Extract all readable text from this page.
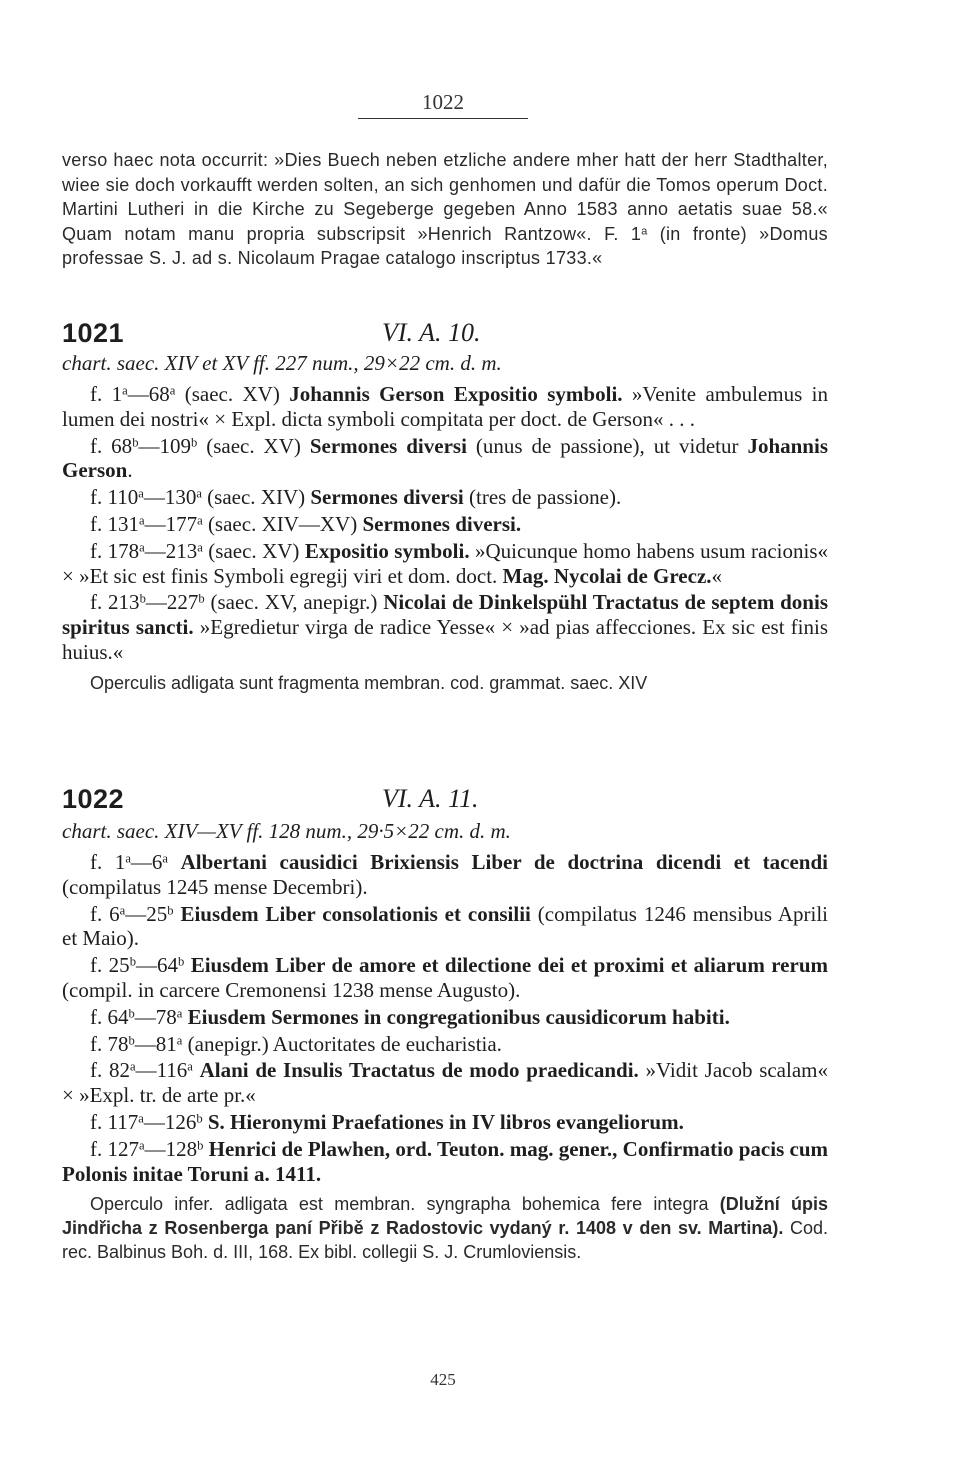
1022

verso haec nota occurrit: »Dies Buech neben etzliche andere mher hatt der herr Stadthalter, wiee sie doch vorkaufft werden solten, an sich genhomen und dafür die Tomos operum Doct. Martini Lutheri in die Kirche zu Segeberge gegeben Anno 1583 anno aetatis suae 58.« Quam notam manu propria subscripsit »Henrich Rantzow«. F. 1$^a$ (in fronte) »Domus professae S. J. ad s. Nicolaum Pragae catalogo inscriptus 1733.«

1021	VI. A. 10.

chart. saec. XIV et XV ff. 227 num., 29×22 cm. d. m.

f. 1$^a$—68$^a$ (saec. XV) Johannis Gerson Expositio symboli. »Venite ambulemus in lumen dei nostri« × Expl. dicta symboli compitata per doct. de Gerson« . . .

f. 68$^b$—109$^b$ (saec. XV) Sermones diversi (unus de passione), ut videtur Johannis Gerson.

f. 110$^a$—130$^a$ (saec. XIV) Sermones diversi (tres de passione).

f. 131$^a$—177$^a$ (saec. XIV—XV) Sermones diversi.

f. 178$^a$—213$^a$ (saec. XV) Expositio symboli. »Quicunque homo habens usum racionis« × »Et sic est finis Symboli egregij viri et dom. doct. Mag. Nycolai de Grecz.«

f. 213$^b$—227$^b$ (saec. XV, anepigr.) Nicolai de Dinkelspühl Tractatus de septem donis spiritus sancti. »Egredietur virga de radice Yesse« × »ad pias affecciones. Ex sic est finis huius.«

Operculis adligata sunt fragmenta membran. cod. grammat. saec. XIV

1022	VI. A. 11.

chart. saec. XIV—XV ff. 128 num., 29·5×22 cm. d. m.

f. 1$^a$—6$^a$ Albertani causidici Brixiensis Liber de doctrina dicendi et tacendi (compilatus 1245 mense Decembri).

f. 6$^a$—25$^b$ Eiusdem Liber consolationis et consilii (compilatus 1246 mensibus Aprili et Maio).

f. 25$^b$—64$^b$ Eiusdem Liber de amore et dilectione dei et proximi et aliarum rerum (compil. in carcere Cremonensi 1238 mense Augusto).

f. 64$^b$—78$^a$ Eiusdem Sermones in congregationibus causidicorum habiti.

f. 78$^b$—81$^a$ (anepigr.) Auctoritates de eucharistia.

f. 82$^a$—116$^a$ Alani de Insulis Tractatus de modo praedicandi. »Vidit Jacob scalam« × »Expl. tr. de arte pr.«

f. 117$^a$—126$^b$ S. Hieronymi Praefationes in IV libros evangeliorum.

f. 127$^a$—128$^b$ Henrici de Plawhen, ord. Teuton. mag. gener., Confirmatio pacis cum Polonis initae Toruni a. 1411.

Operculo infer. adligata est membran. syngrapha bohemica fere integra (Dlužní úpis Jindřicha z Rosenberga paní Přibě z Radostovic vydaný r. 1408 v den sv. Martina). Cod. rec. Balbinus Boh. d. III, 168. Ex bibl. collegii S. J. Crumloviensis.

425
